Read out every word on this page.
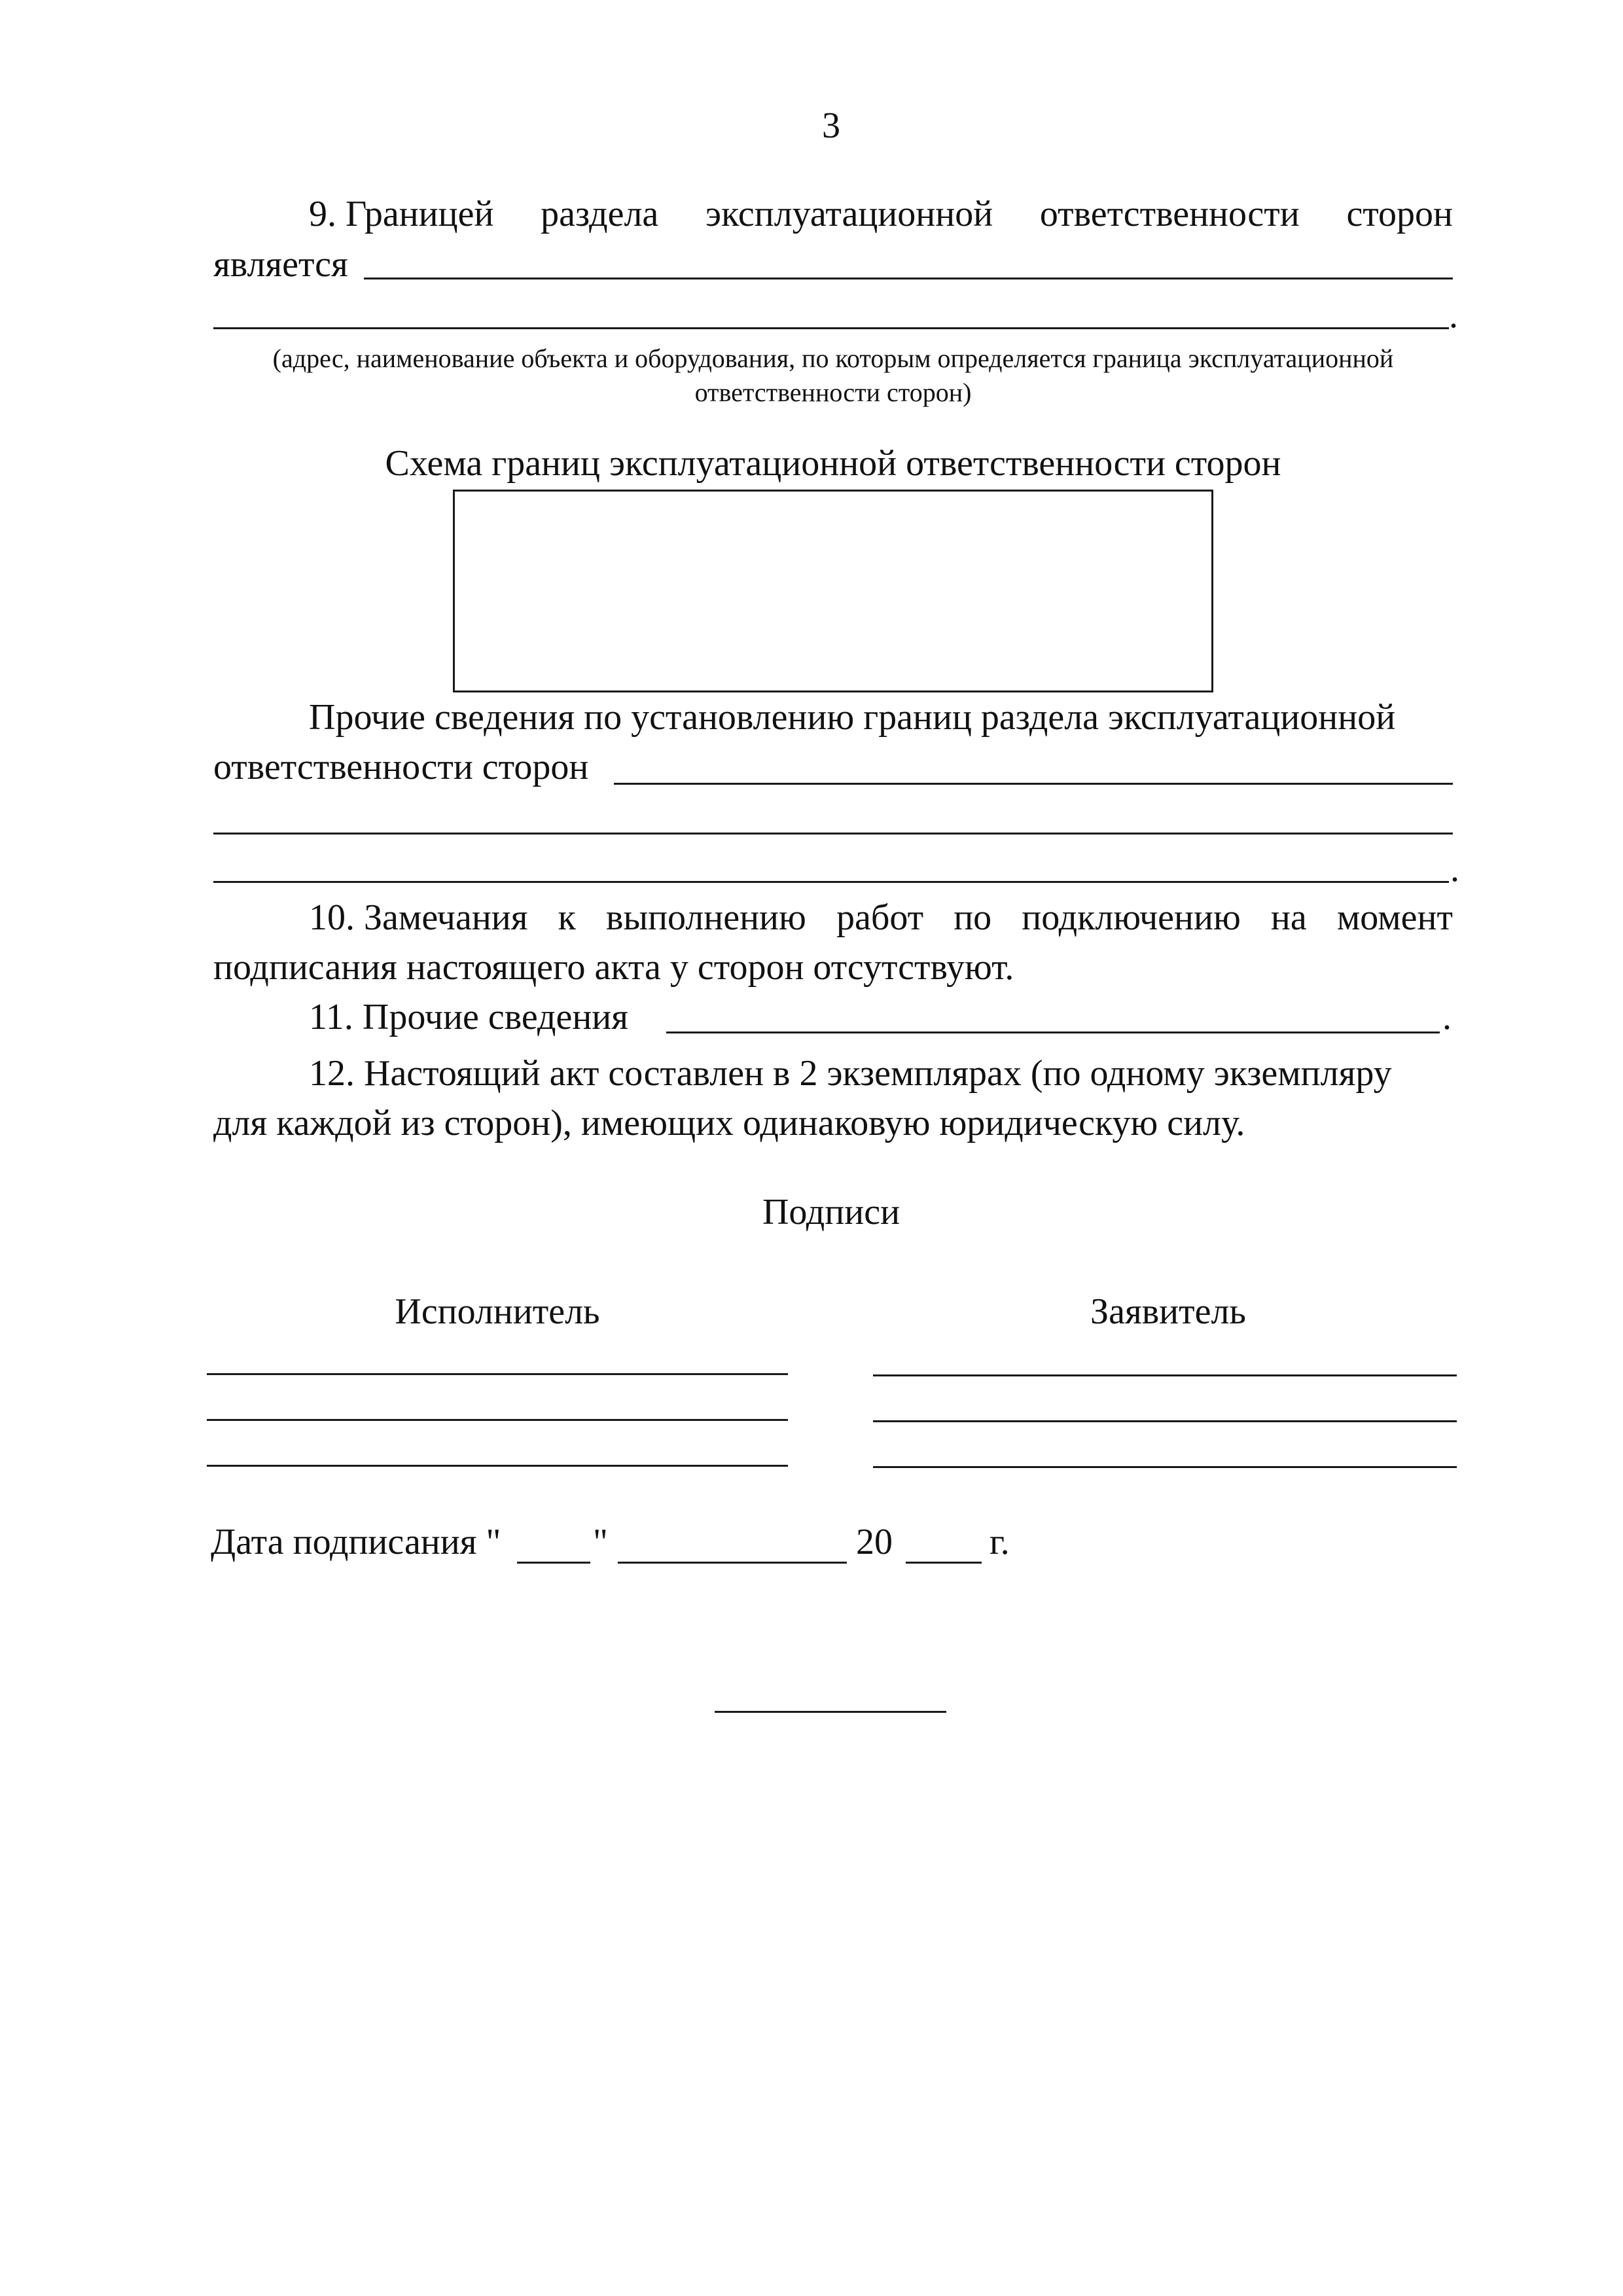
3
9. Границей раздела эксплуатационной ответственности сторон
является
.
(адрес, наименование объекта и оборудования, по которым определяется граница эксплуатационной
ответственности сторон)
Схема границ эксплуатационной ответственности сторон
Прочие сведения по установлению границ раздела эксплуатационной
ответственности сторон
.
10. Замечания к выполнению работ по подключению на момент
подписания настоящего акта у сторон отсутствуют.
11. Прочие сведения	.
12. Настоящий акт составлен в 2 экземплярах (по одному экземпляру
для каждой из сторон), имеющих одинаковую юридическую силу.
Подписи
Исполнитель	Заявитель
Дата подписания "	"	20	г.
